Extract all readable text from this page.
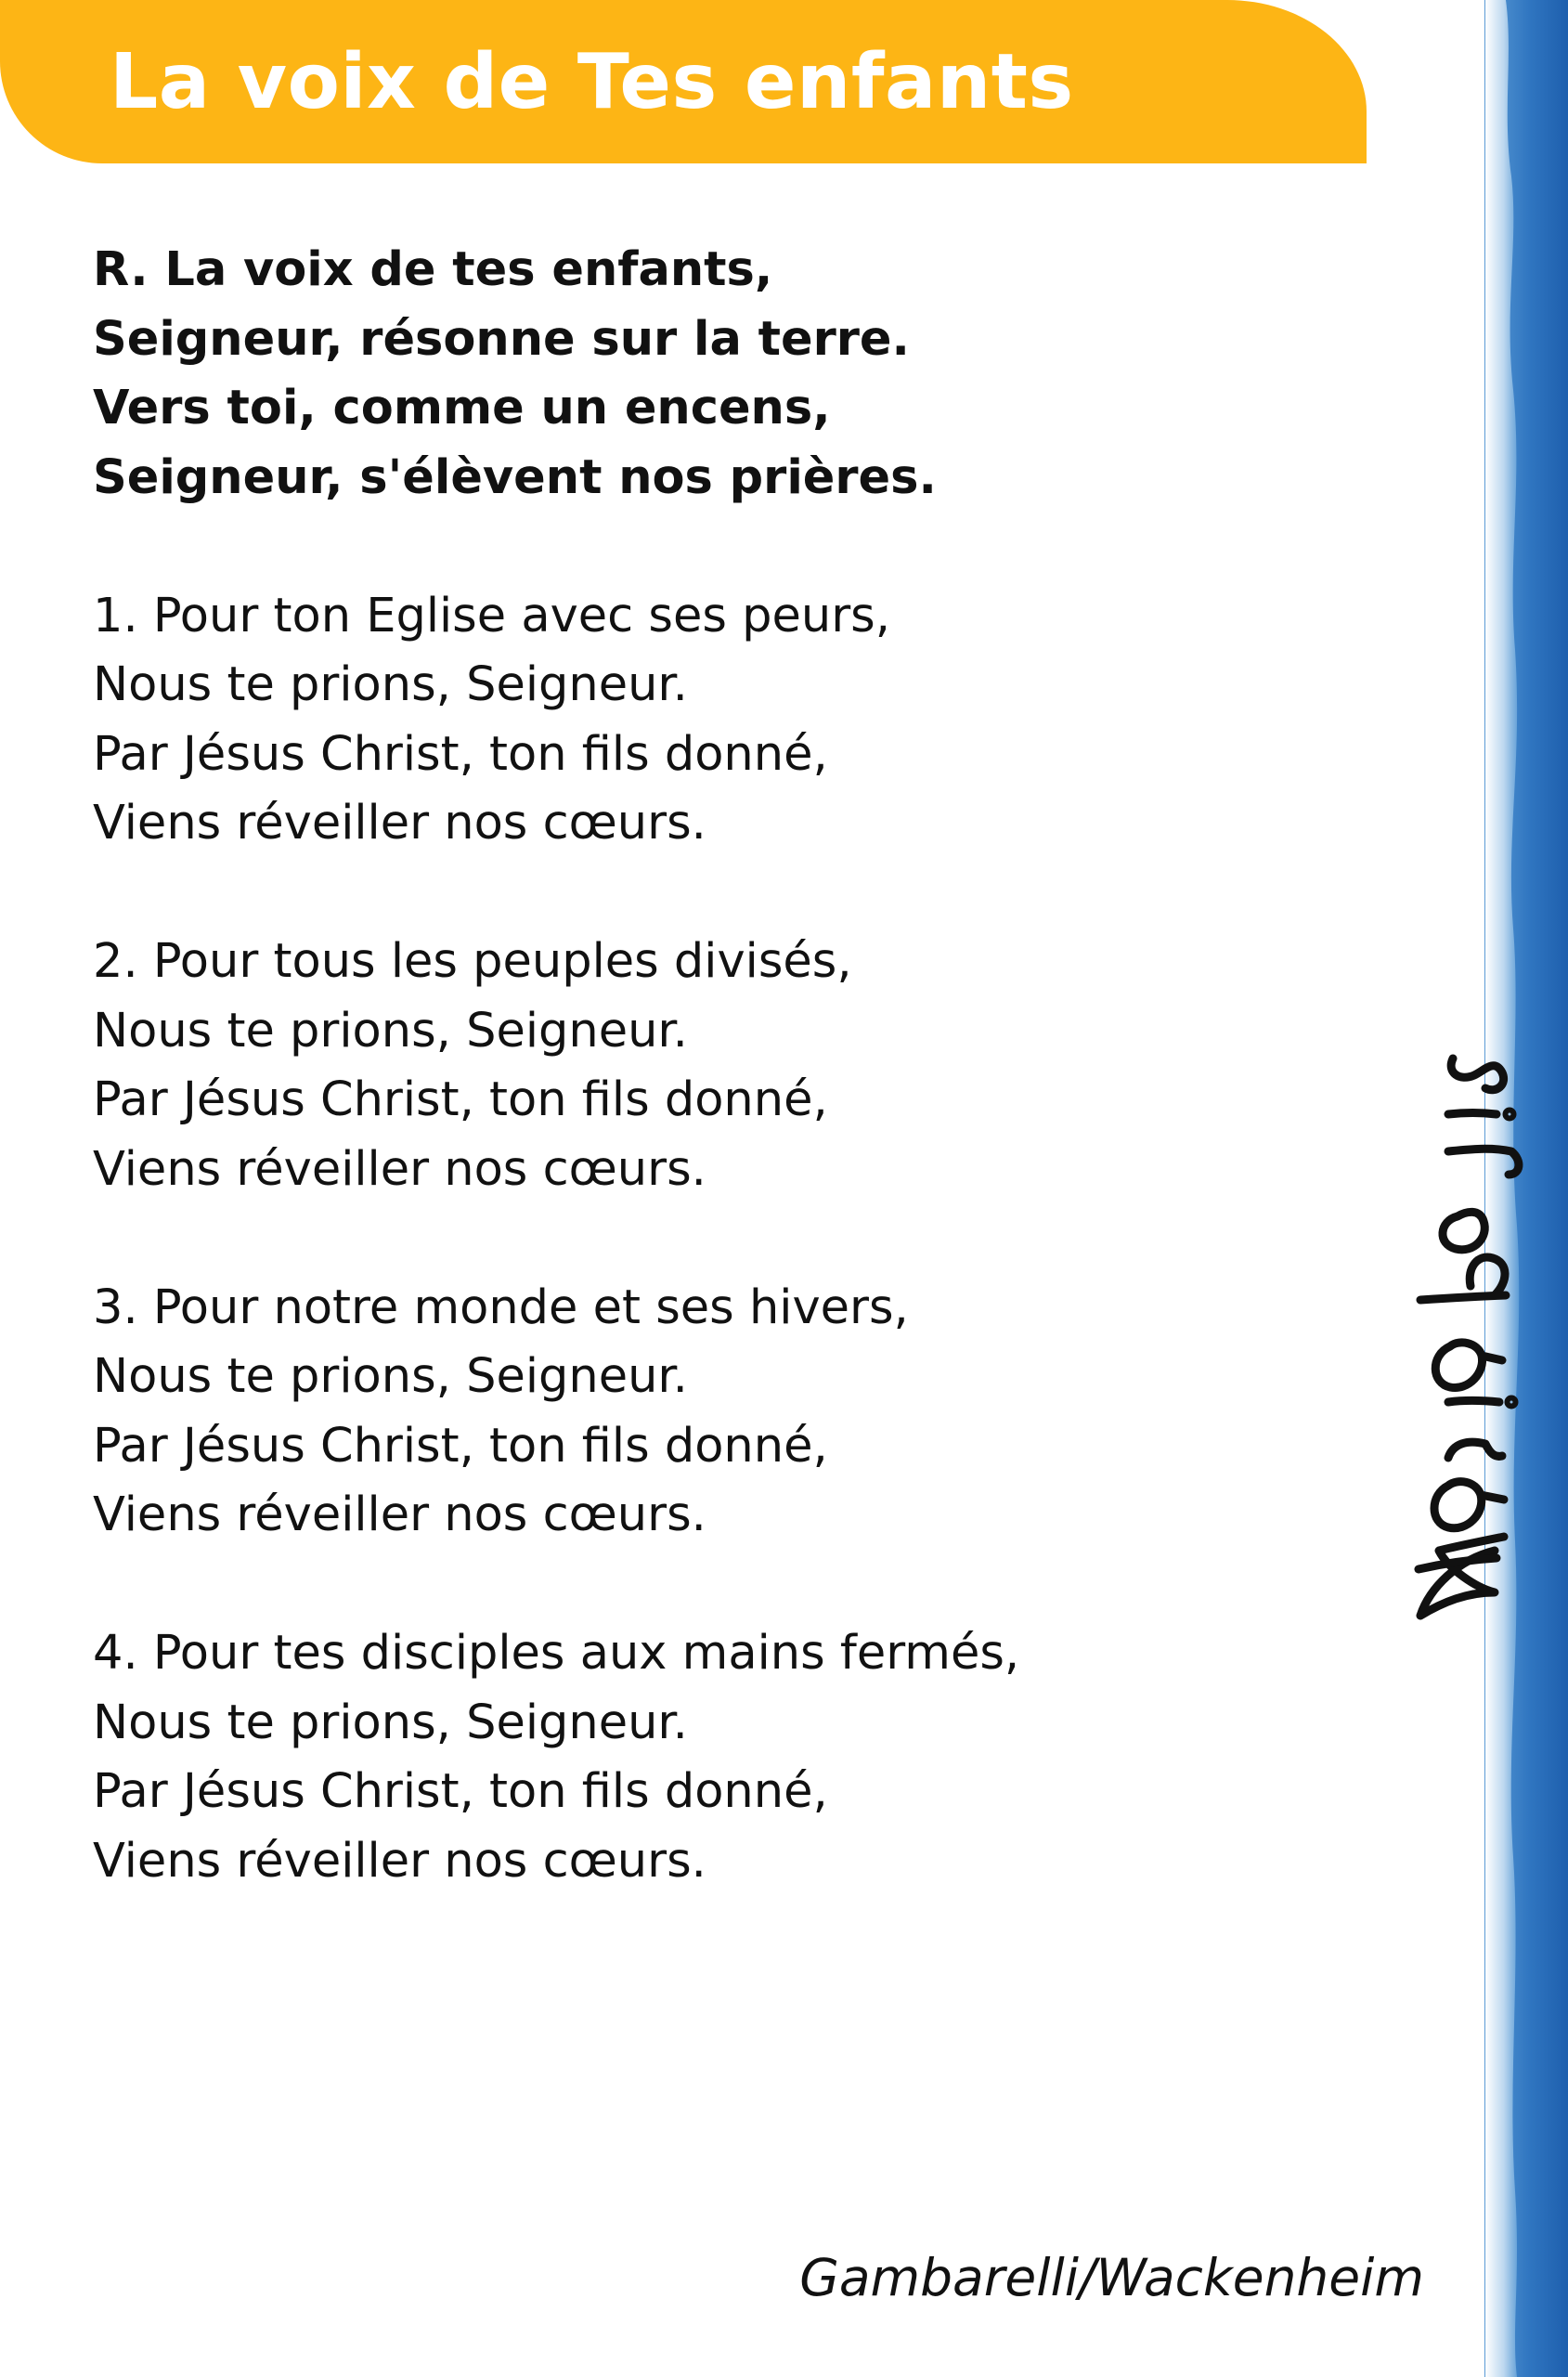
La voix de Tes enfants
R. La voix de tes enfants,
Seigneur, résonne sur la terre.
Vers toi, comme un encens,
Seigneur, s'élèvent nos prières.
1. Pour ton Eglise avec ses peurs,
Nous te prions, Seigneur.
Par Jésus Christ, ton fils donné,
Viens réveiller nos cœurs.
2. Pour tous les peuples divisés,
Nous te prions, Seigneur.
Par Jésus Christ, ton fils donné,
Viens réveiller nos cœurs.
3. Pour notre monde et ses hivers,
Nous te prions, Seigneur.
Par Jésus Christ, ton fils donné,
Viens réveiller nos cœurs.
4. Pour tes disciples aux mains fermés,
Nous te prions, Seigneur.
Par Jésus Christ, ton fils donné,
Viens réveiller nos cœurs.
Gambarelli/Wackenheim
